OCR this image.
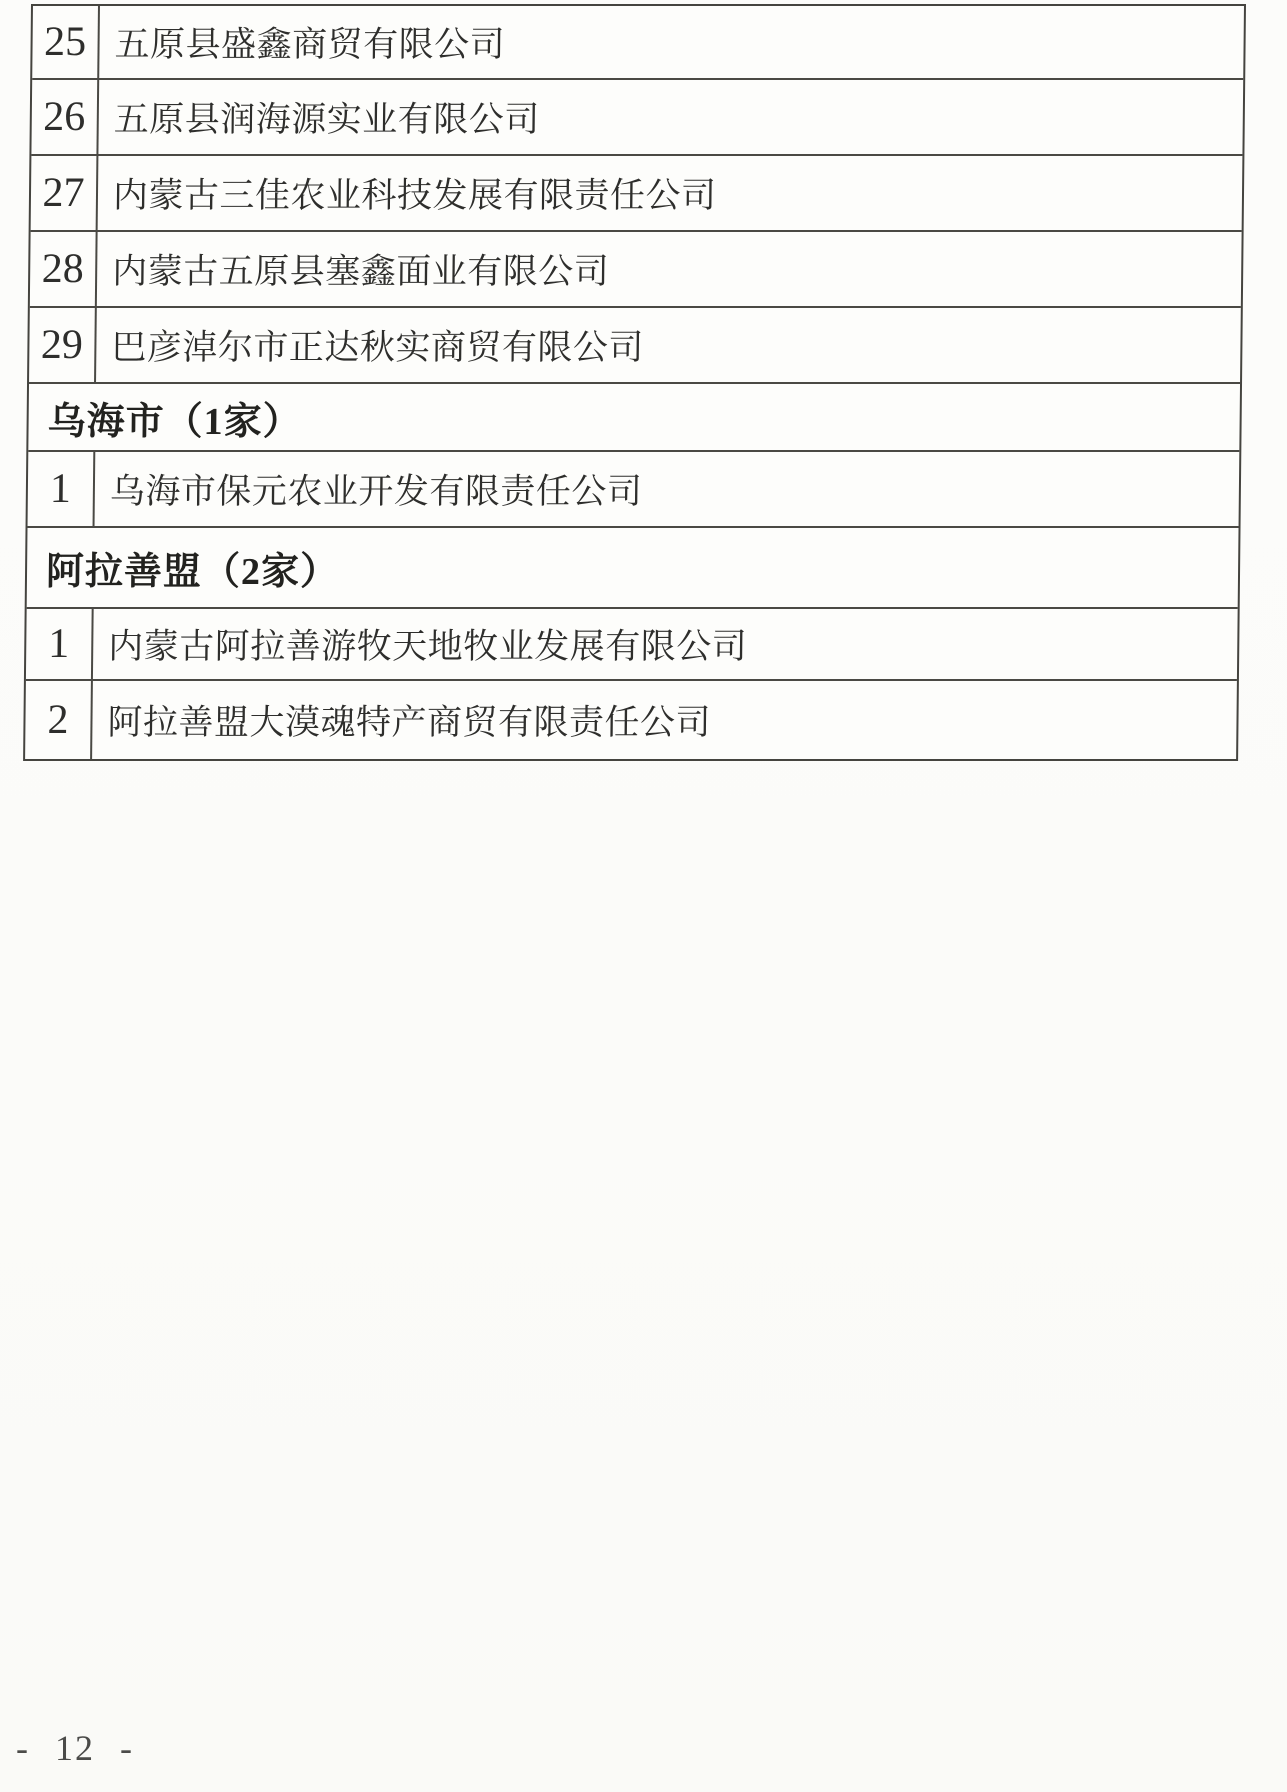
25 五原县盛鑫商贸有限公司
26 五原县润海源实业有限公司
27 内蒙古三佳农业科技发展有限责任公司
28 内蒙古五原县塞鑫面业有限公司
29 巴彦淖尔市正达秋实商贸有限公司
乌海市（1家）
1	乌海市保元农业开发有限责任公司
阿拉善盟（2家）
1	内蒙古阿拉善游牧天地牧业发展有限公司
2	阿拉善盟大漠魂特产商贸有限责任公司
- 12 -
